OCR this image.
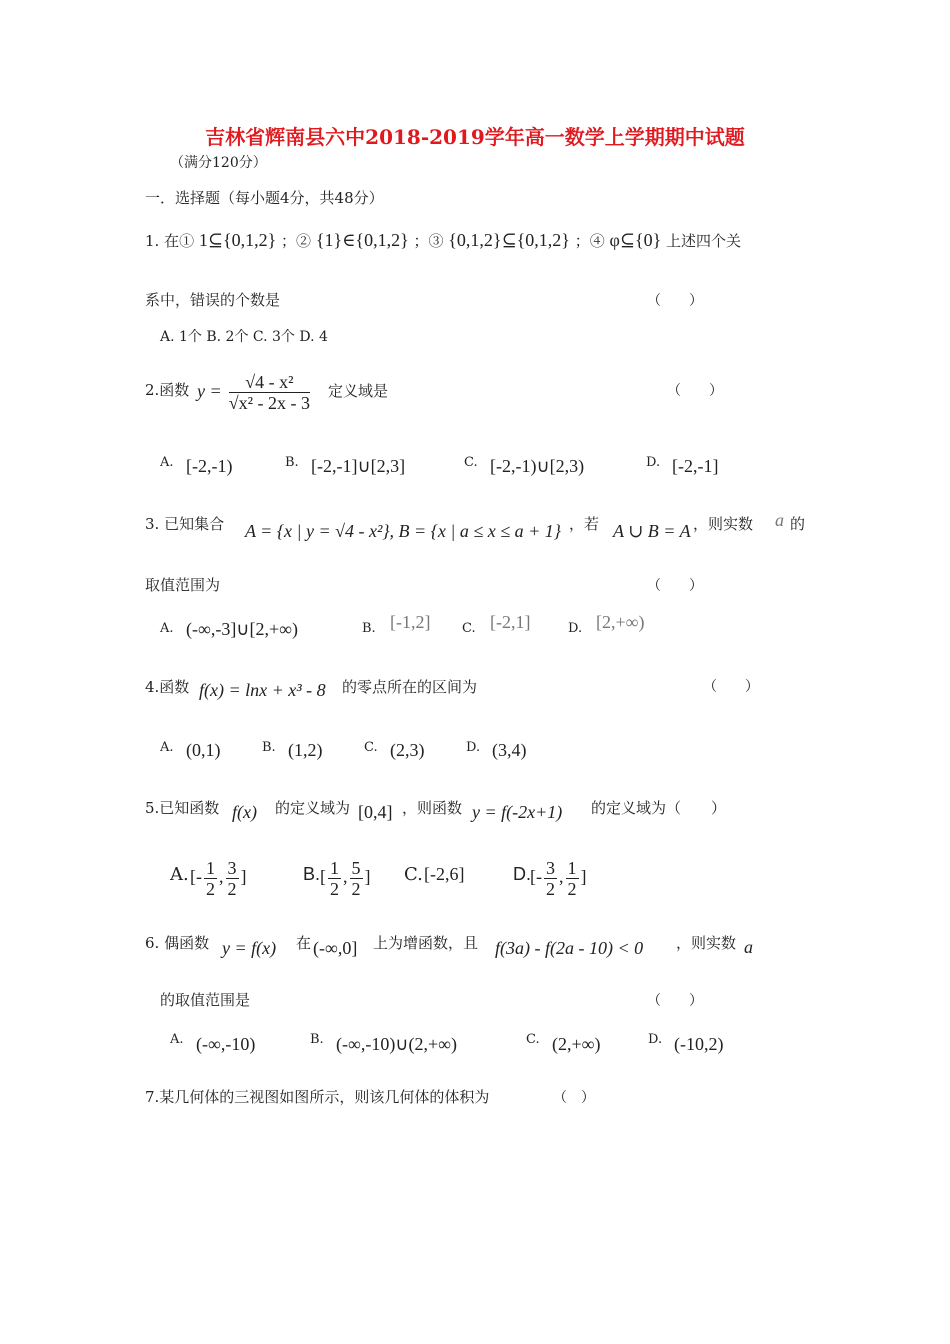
吉林省辉南县六中2018-2019学年高一数学上学期期中试题
（满分120分）
一．选择题（每小题4分，共48分）
1. 在① 1⊆{0,1,2} ；② {1}∈{0,1,2} ；③ {0,1,2}⊆{0,1,2} ；④ φ⊆{0} 上述四个关
系中，错误的个数是	（　　）
A. 1个 B. 2个 C. 3个 D. 4
2.函数 $y = \frac{\text{√4 - x²}}{\text{√x² - 2x - 3}}$ 定义域是	（　　）
A. [-2,-1)	B. [-2,-1]∪[2,3]	C. [-2,-1)∪[2,3)	D. [-2,-1]
3. 已知集合 A = {x | y = √4 - x²}, B = {x | a ≤ x ≤ a + 1} ，若 A ∪ B = A ，则实数 a 的
取值范围为	（　　）
A. (-∞,-3]∪[2,+∞)	B. [-1,2] C. [-2,1]	D. [2,+∞)
4.函数 f(x) = lnx + x³ - 8 的零点所在的区间为	（　　）
A. (0,1)	B. (1,2)	C. (2,3)	D. (3,4)
5.已知函数 f(x) 的定义域为 [0,4] ，则函数 y = f(-2x+1) 的定义域为（　　）
A. [- $\frac{1}{2}$ , $\frac{3}{2}$ ]	B. [ $\frac{1}{2}$ , $\frac{5}{2}$ ] C. [-2,6]	D. [- $\frac{3}{2}$ , $\frac{1}{2}$ ]
6. 偶函数 y = f(x) 在 (-∞,0] 上为增函数，且 f(3a) - f(2a - 10) < 0 ，则实数 a
的取值范围是	（　　）
A. (-∞,-10)	B. (-∞,-10)∪(2,+∞)	C. (2,+∞)	D. (-10,2)
7.某几何体的三视图如图所示，则该几何体的体积为	（　）
